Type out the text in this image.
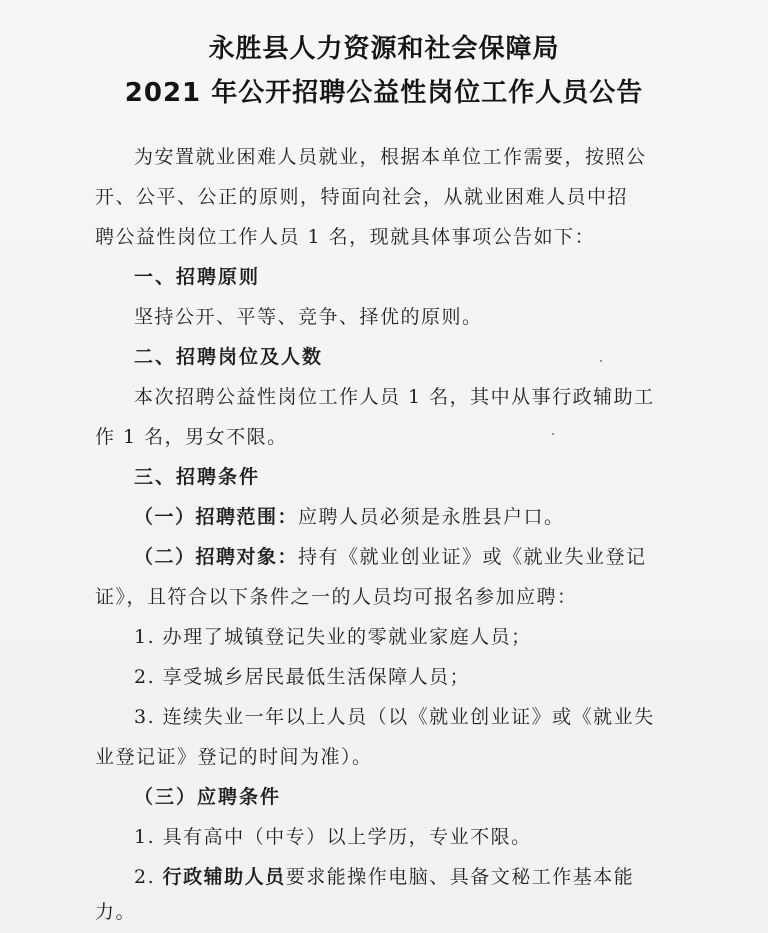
永胜县人力资源和社会保障局
2021 年公开招聘公益性岗位工作人员公告
为安置就业困难人员就业，根据本单位工作需要，按照公
开、公平、公正的原则，特面向社会，从就业困难人员中招
聘公益性岗位工作人员 1 名，现就具体事项公告如下：
一、招聘原则
坚持公开、平等、竞争、择优的原则。
二、招聘岗位及人数
本次招聘公益性岗位工作人员 1 名，其中从事行政辅助工
作 1 名，男女不限。
三、招聘条件
（一）招聘范围：应聘人员必须是永胜县户口。
（二）招聘对象：持有《就业创业证》或《就业失业登记
证》，且符合以下条件之一的人员均可报名参加应聘：
1. 办理了城镇登记失业的零就业家庭人员；
2. 享受城乡居民最低生活保障人员；
3. 连续失业一年以上人员（以《就业创业证》或《就业失
业登记证》登记的时间为准）。
（三）应聘条件
1. 具有高中（中专）以上学历，专业不限。
2. 行政辅助人员要求能操作电脑、具备文秘工作基本能
力。
